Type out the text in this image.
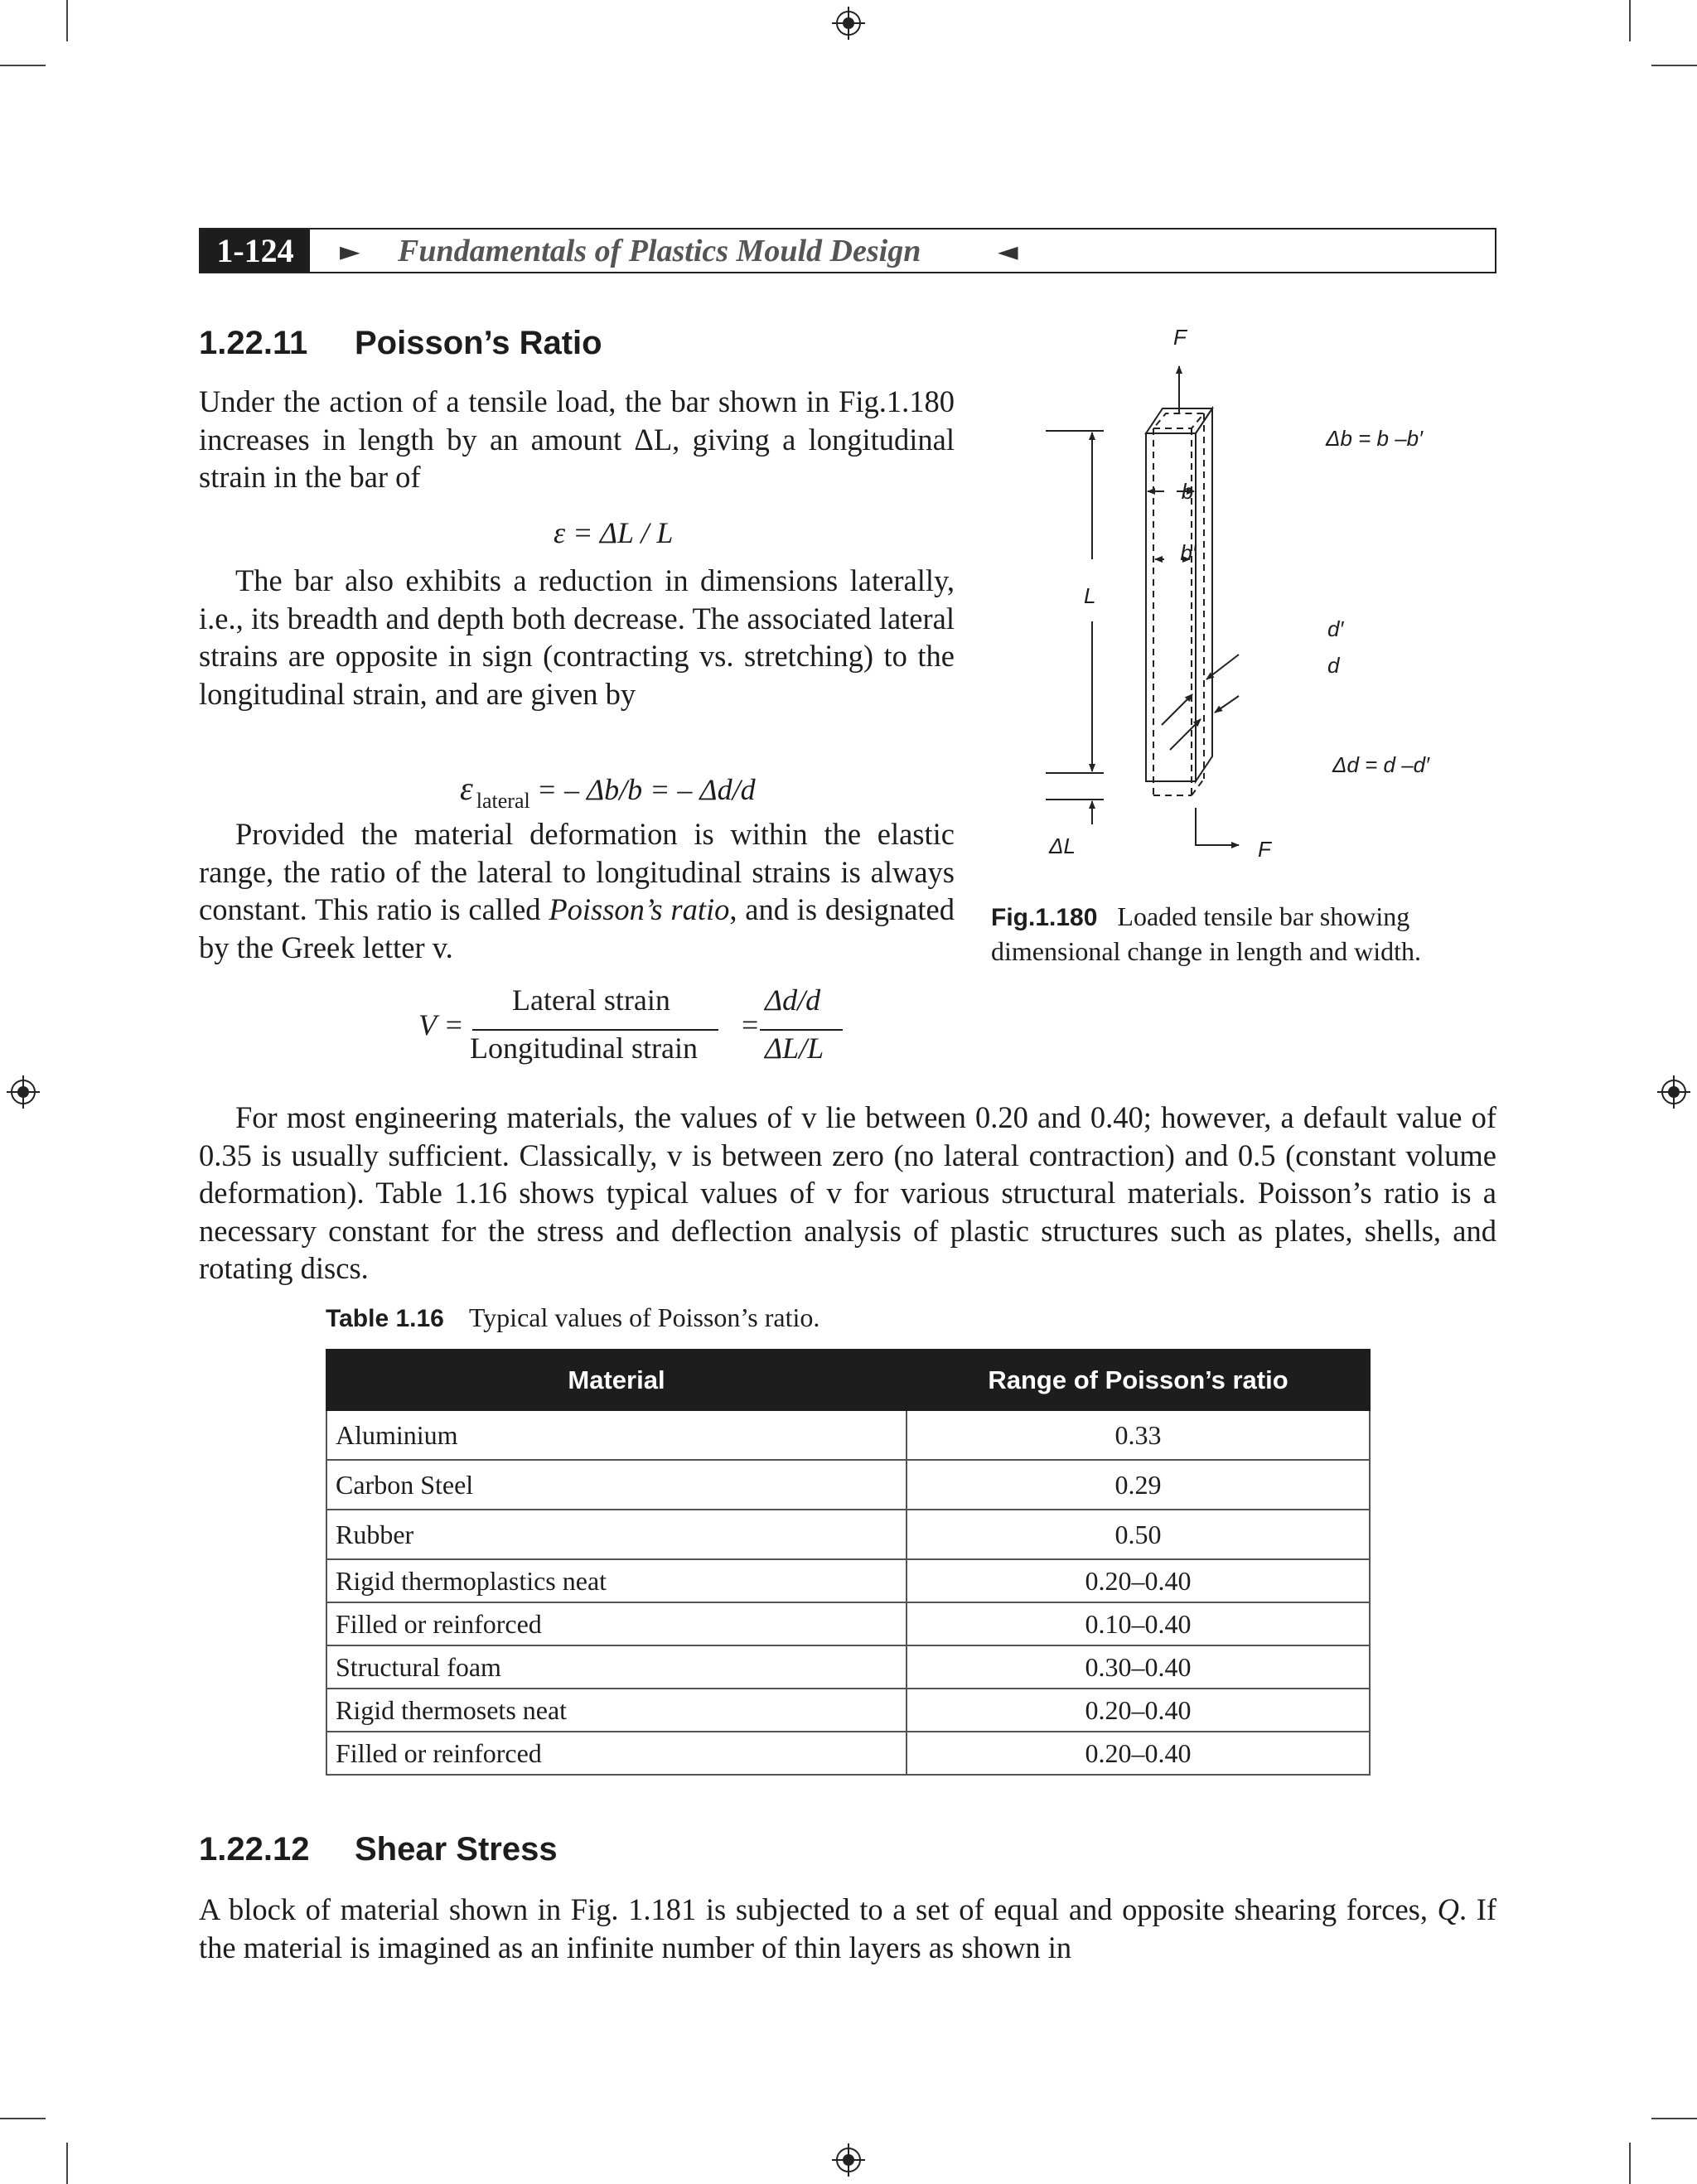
1-124	► Fundamentals of Plastics Mould Design	◄
1.22.11 Poisson’s Ratio

Under the action of a tensile load, the bar shown in Fig.1.180 increases in length by an amount ΔL, giving a longitudinal strain in the bar of

ε = ΔL / L

The bar also exhibits a reduction in dimensions laterally, i.e., its breadth and depth both decrease. The associated lateral strains are opposite in sign (contracting vs. stretching) to the longitudinal strain, and are given by

ε $_{lateral}$ = – Δb/b = – Δd/d

Provided the material deformation is within the elastic range, the ratio of the lateral to longitudinal strains is always constant. This ratio is called Poisson’s ratio, and is designated by the Greek letter v.

V =
Lateral strain
Longitudinal strain
=
Δd/d
ΔL/L
F
F
L
ΔL
b
b′
d′
d
Δb = b –b′
Δd = d –d′
Fig.1.180 Loaded tensile bar showing dimensional change in length and width.

For most engineering materials, the values of v lie between 0.20 and 0.40; however, a default value of 0.35 is usually sufficient. Classically, v is between zero (no lateral contraction) and 0.5 (constant volume deformation). Table 1.16 shows typical values of v for various structural materials. Poisson’s ratio is a necessary constant for the stress and deflection analysis of plastic structures such as plates, shells, and rotating discs.

Table 1.16 Typical values of Poisson’s ratio.
Material	Range of Poisson’s ratio
Aluminium	0.33
Carbon Steel	0.29
Rubber	0.50
Rigid thermoplastics neat	0.20–0.40
Filled or reinforced	0.10–0.40
Structural foam	0.30–0.40
Rigid thermosets neat	0.20–0.40
Filled or reinforced	0.20–0.40
1.22.12 Shear Stress

A block of material shown in Fig. 1.181 is subjected to a set of equal and opposite shearing forces, Q. If the material is imagined as an infinite number of thin layers as shown in
